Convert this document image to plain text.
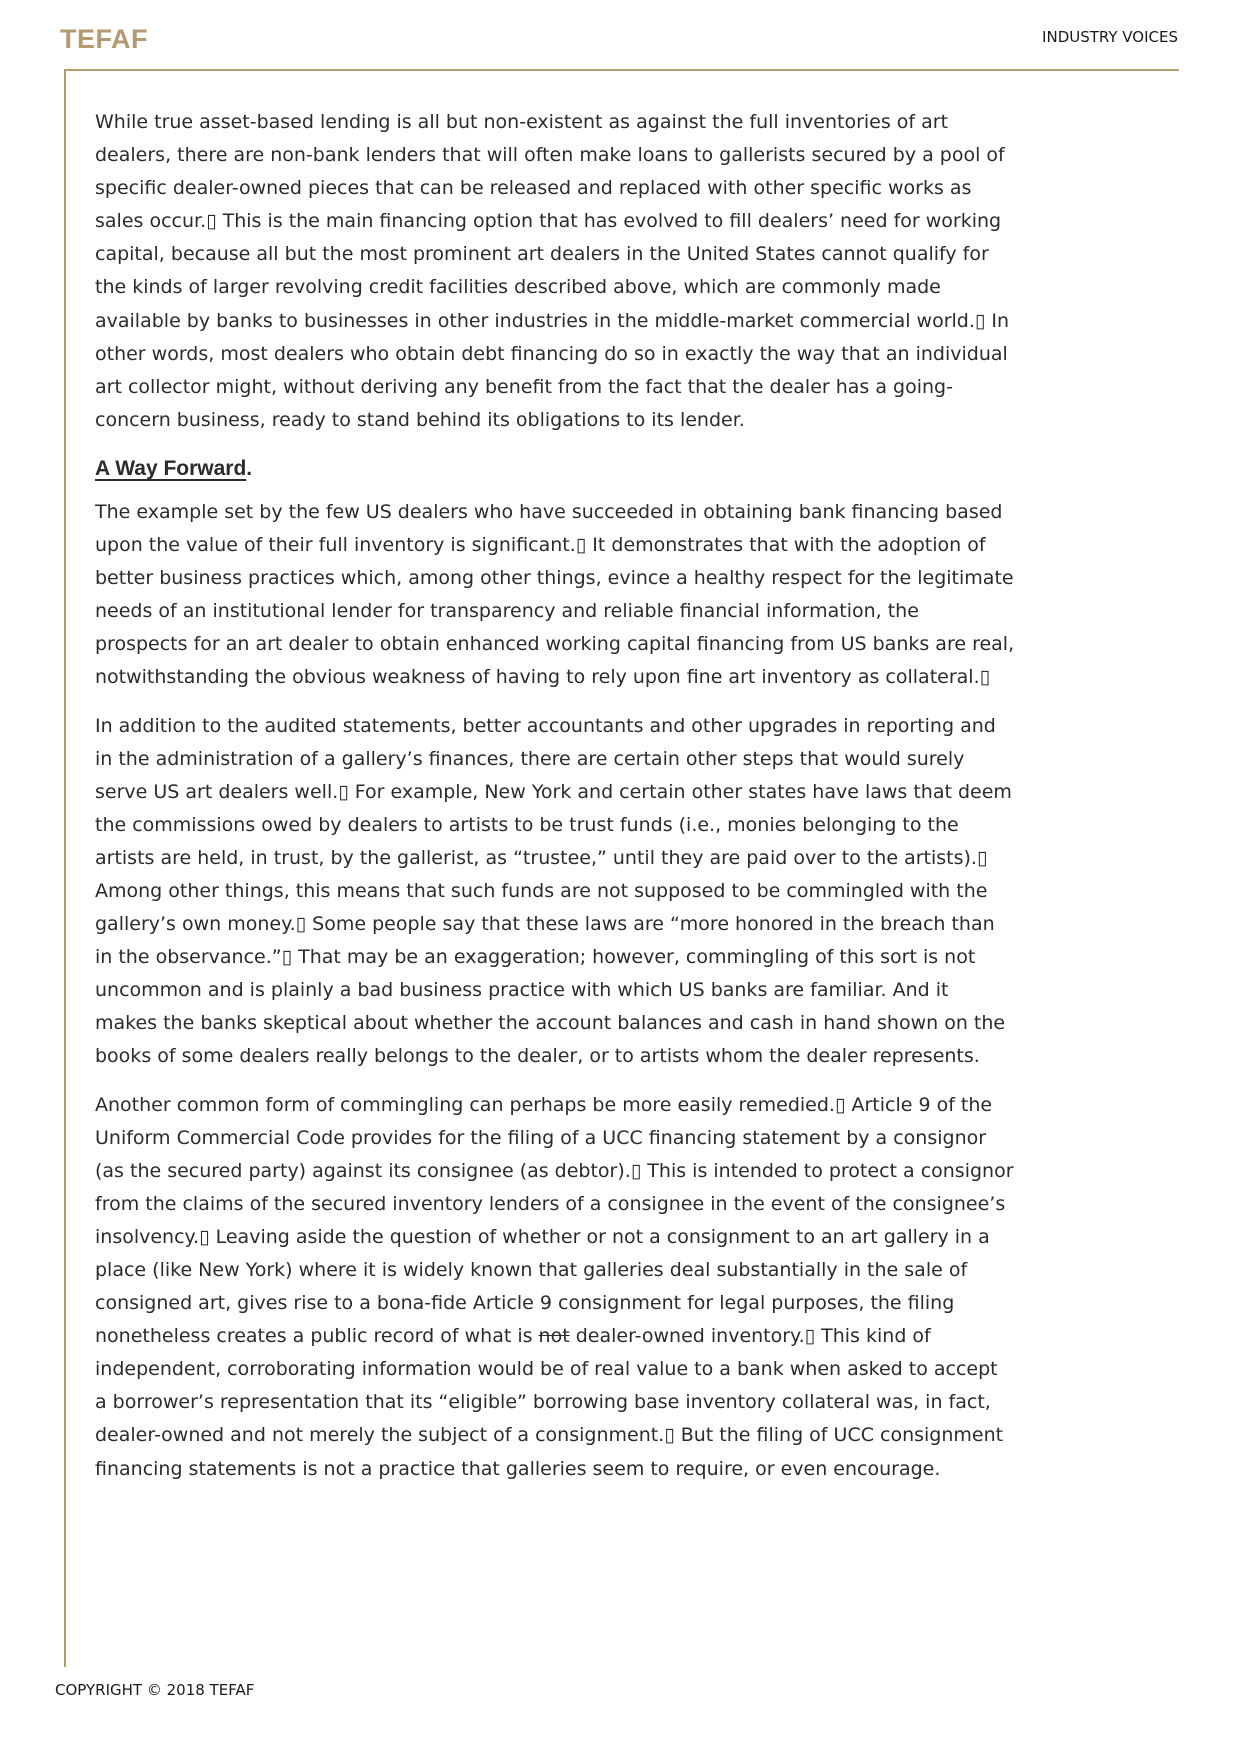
TEFAF	INDUSTRY VOICES

While true asset-based lending is all but non-existent as against the full inventories of art dealers, there are non-bank lenders that will often make loans to gallerists secured by a pool of specific dealer-owned pieces that can be released and replaced with other specific works as sales occur.▯ This is the main financing option that has evolved to fill dealers’ need for working capital, because all but the most prominent art dealers in the United States cannot qualify for the kinds of larger revolving credit facilities described above, which are commonly made available by banks to businesses in other industries in the middle-market commercial world.▯ In other words, most dealers who obtain debt financing do so in exactly the way that an individual art collector might, without deriving any benefit from the fact that the dealer has a going-concern business, ready to stand behind its obligations to its lender.

A Way Forward.

The example set by the few US dealers who have succeeded in obtaining bank financing based upon the value of their full inventory is significant.▯ It demonstrates that with the adoption of better business practices which, among other things, evince a healthy respect for the legitimate needs of an institutional lender for transparency and reliable financial information, the prospects for an art dealer to obtain enhanced working capital financing from US banks are real, notwithstanding the obvious weakness of having to rely upon fine art inventory as collateral.▯

In addition to the audited statements, better accountants and other upgrades in reporting and in the administration of a gallery’s finances, there are certain other steps that would surely serve US art dealers well.▯ For example, New York and certain other states have laws that deem the commissions owed by dealers to artists to be trust funds (i.e., monies belonging to the artists are held, in trust, by the gallerist, as “trustee,” until they are paid over to the artists).▯ Among other things, this means that such funds are not supposed to be commingled with the gallery’s own money.▯ Some people say that these laws are “more honored in the breach than in the observance.”▯ That may be an exaggeration; however, commingling of this sort is not uncommon and is plainly a bad business practice with which US banks are familiar. And it makes the banks skeptical about whether the account balances and cash in hand shown on the books of some dealers really belongs to the dealer, or to artists whom the dealer represents.

Another common form of commingling can perhaps be more easily remedied.▯ Article 9 of the Uniform Commercial Code provides for the filing of a UCC financing statement by a consignor (as the secured party) against its consignee (as debtor).▯ This is intended to protect a consignor from the claims of the secured inventory lenders of a consignee in the event of the consignee’s insolvency.▯ Leaving aside the question of whether or not a consignment to an art gallery in a place (like New York) where it is widely known that galleries deal substantially in the sale of consigned art, gives rise to a bona-fide Article 9 consignment for legal purposes, the filing nonetheless creates a public record of what is not dealer-owned inventory.▯ This kind of independent, corroborating information would be of real value to a bank when asked to accept a borrower’s representation that its “eligible” borrowing base inventory collateral was, in fact, dealer-owned and not merely the subject of a consignment.▯ But the filing of UCC consignment financing statements is not a practice that galleries seem to require, or even encourage.

COPYRIGHT © 2018 TEFAF
